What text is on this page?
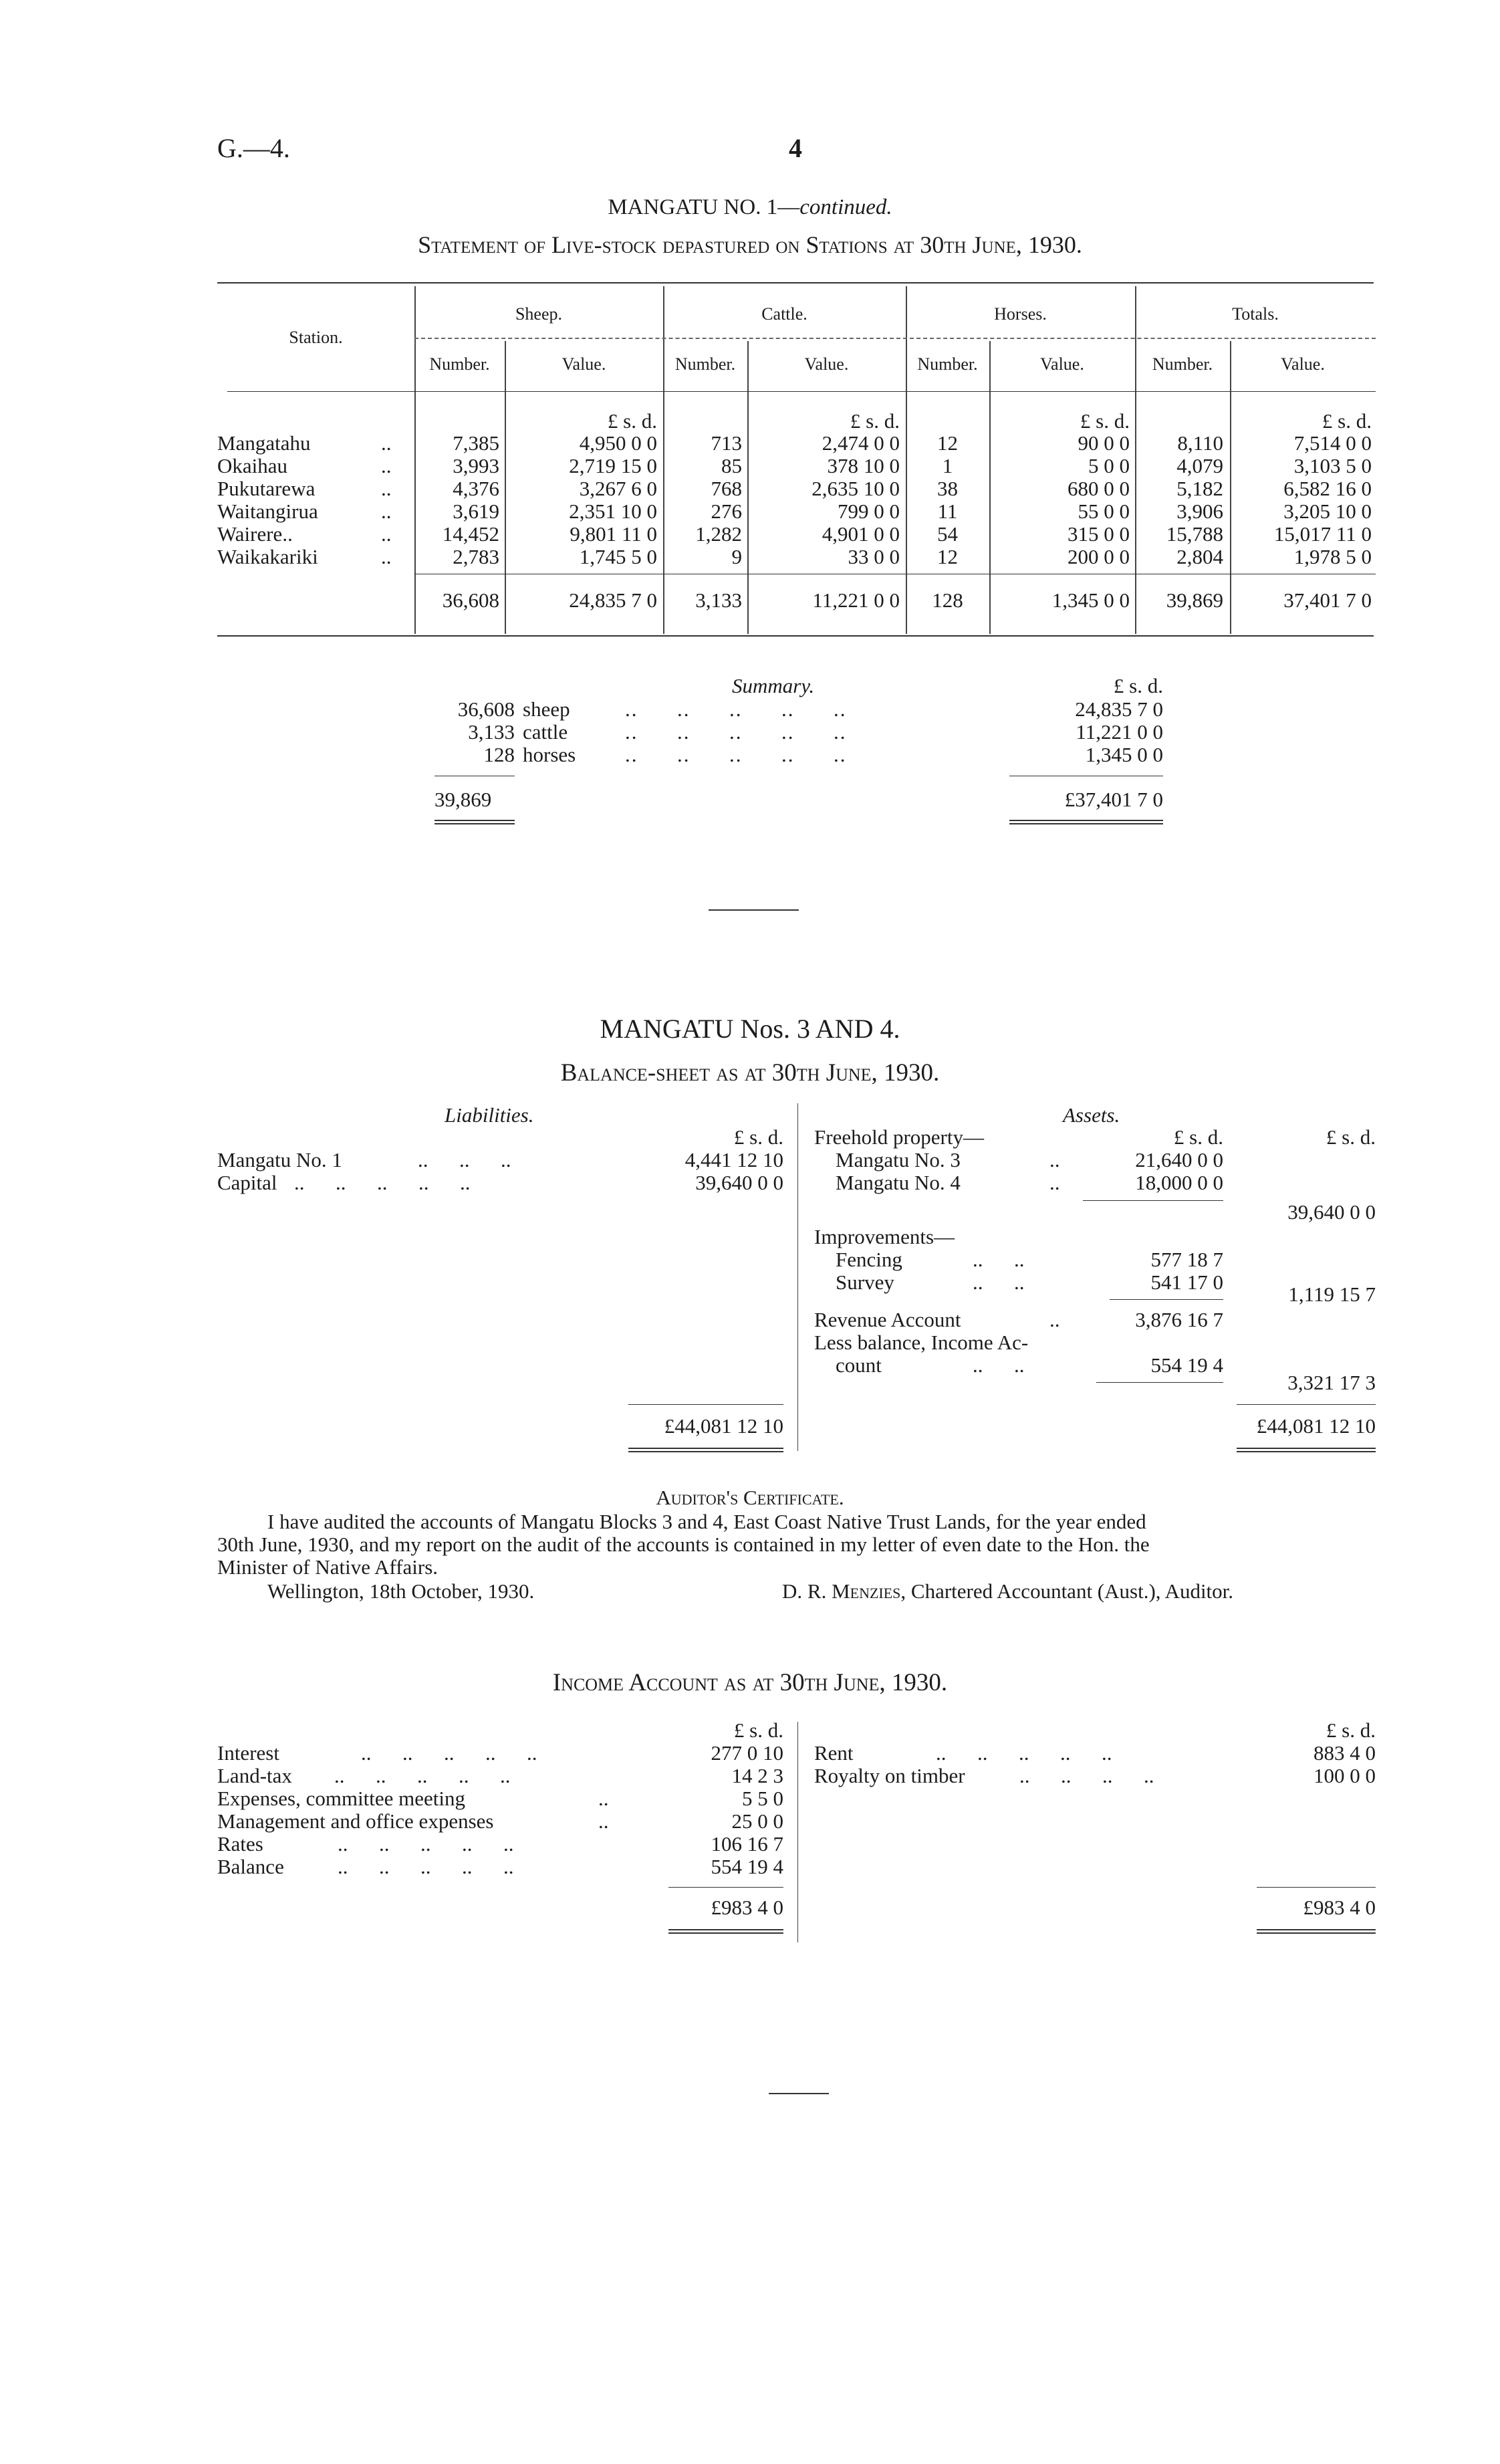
G.—4.	4
MANGATU NO. 1—continued.
Statement of Live-stock depastured on Stations at 30th June, 1930.
Station.
Sheep.	Cattle.	Horses.	Totals.
Number.	Value.	Number.	Value.	Number.	Value.	Number.	Value.
£ s. d.	£ s. d.	£ s. d.	£ s. d.
Mangatahu	..	7,385	4,950 0 0	713	2,474 0 0	12	90 0 0	8,110	7,514 0 0
Okaihau	..	3,993	2,719 15 0	85	378 10 0	1	5 0 0	4,079	3,103 5 0
Pukutarewa	..	4,376	3,267 6 0	768	2,635 10 0	38	680 0 0	5,182	6,582 16 0
Waitangirua	..	3,619	2,351 10 0	276	799 0 0	11	55 0 0	3,906	3,205 10 0
Wairere..	..	14,452	9,801 11 0	1,282	4,901 0 0	54	315 0 0	15,788	15,017 11 0
Waikakariki	..	2,783	1,745 5 0	9	33 0 0	12	200 0 0	2,804	1,978 5 0
36,608	24,835 7 0	3,133	11,221 0 0	128	1,345 0 0	39,869	37,401 7 0
Summary.	£ s. d.
36,608 sheep	..      ..      ..      ..      ..	24,835 7 0
3,133 cattle	..      ..      ..      ..      ..	11,221 0 0
128 horses ..      ..      ..      ..      ..	1,345 0 0
39,869	£37,401 7 0
MANGATU Nos. 3 AND 4.
Balance-sheet as at 30th June, 1930.
Liabilities.
£ s. d.
Mangatu No. 1	..      ..      ..	4,441 12 10
Capital ..      ..      ..      ..      ..	39,640 0 0
£44,081 12 10
Assets.
£ s. d.	£ s. d.
Freehold property—
Mangatu No. 3	..	21,640 0 0
Mangatu No. 4	..	18,000 0 0
39,640 0 0
Improvements—
Fencing	..      ..	577 18 7
Survey	..      ..	541 17 0
1,119 15 7
Revenue Account	..	3,876 16 7
Less balance, Income Ac-
count	..      ..	554 19 4
3,321 17 3
£44,081 12 10
Auditor's Certificate.
I have audited the accounts of Mangatu Blocks 3 and 4, East Coast Native Trust Lands, for the year ended
30th June, 1930, and my report on the audit of the accounts is contained in my letter of even date to the Hon. the
Minister of Native Affairs.
Wellington, 18th October, 1930.	D. R. Menzies, Chartered Accountant (Aust.), Auditor.
Income Account as at 30th June, 1930.
£ s. d.
Interest	..      ..      ..      ..      ..	277 0 10
Land-tax ..      ..      ..      ..      ..	14 2 3
Expenses, committee meeting	..	5 5 0
Management and office expenses	..	25 0 0
Rates	..      ..      ..      ..      ..	106 16 7
Balance	..      ..      ..      ..      ..	554 19 4
£983 4 0
£ s. d.
Rent	..      ..      ..      ..      ..	883 4 0
Royalty on timber	..      ..      ..      ..	100 0 0
£983 4 0
